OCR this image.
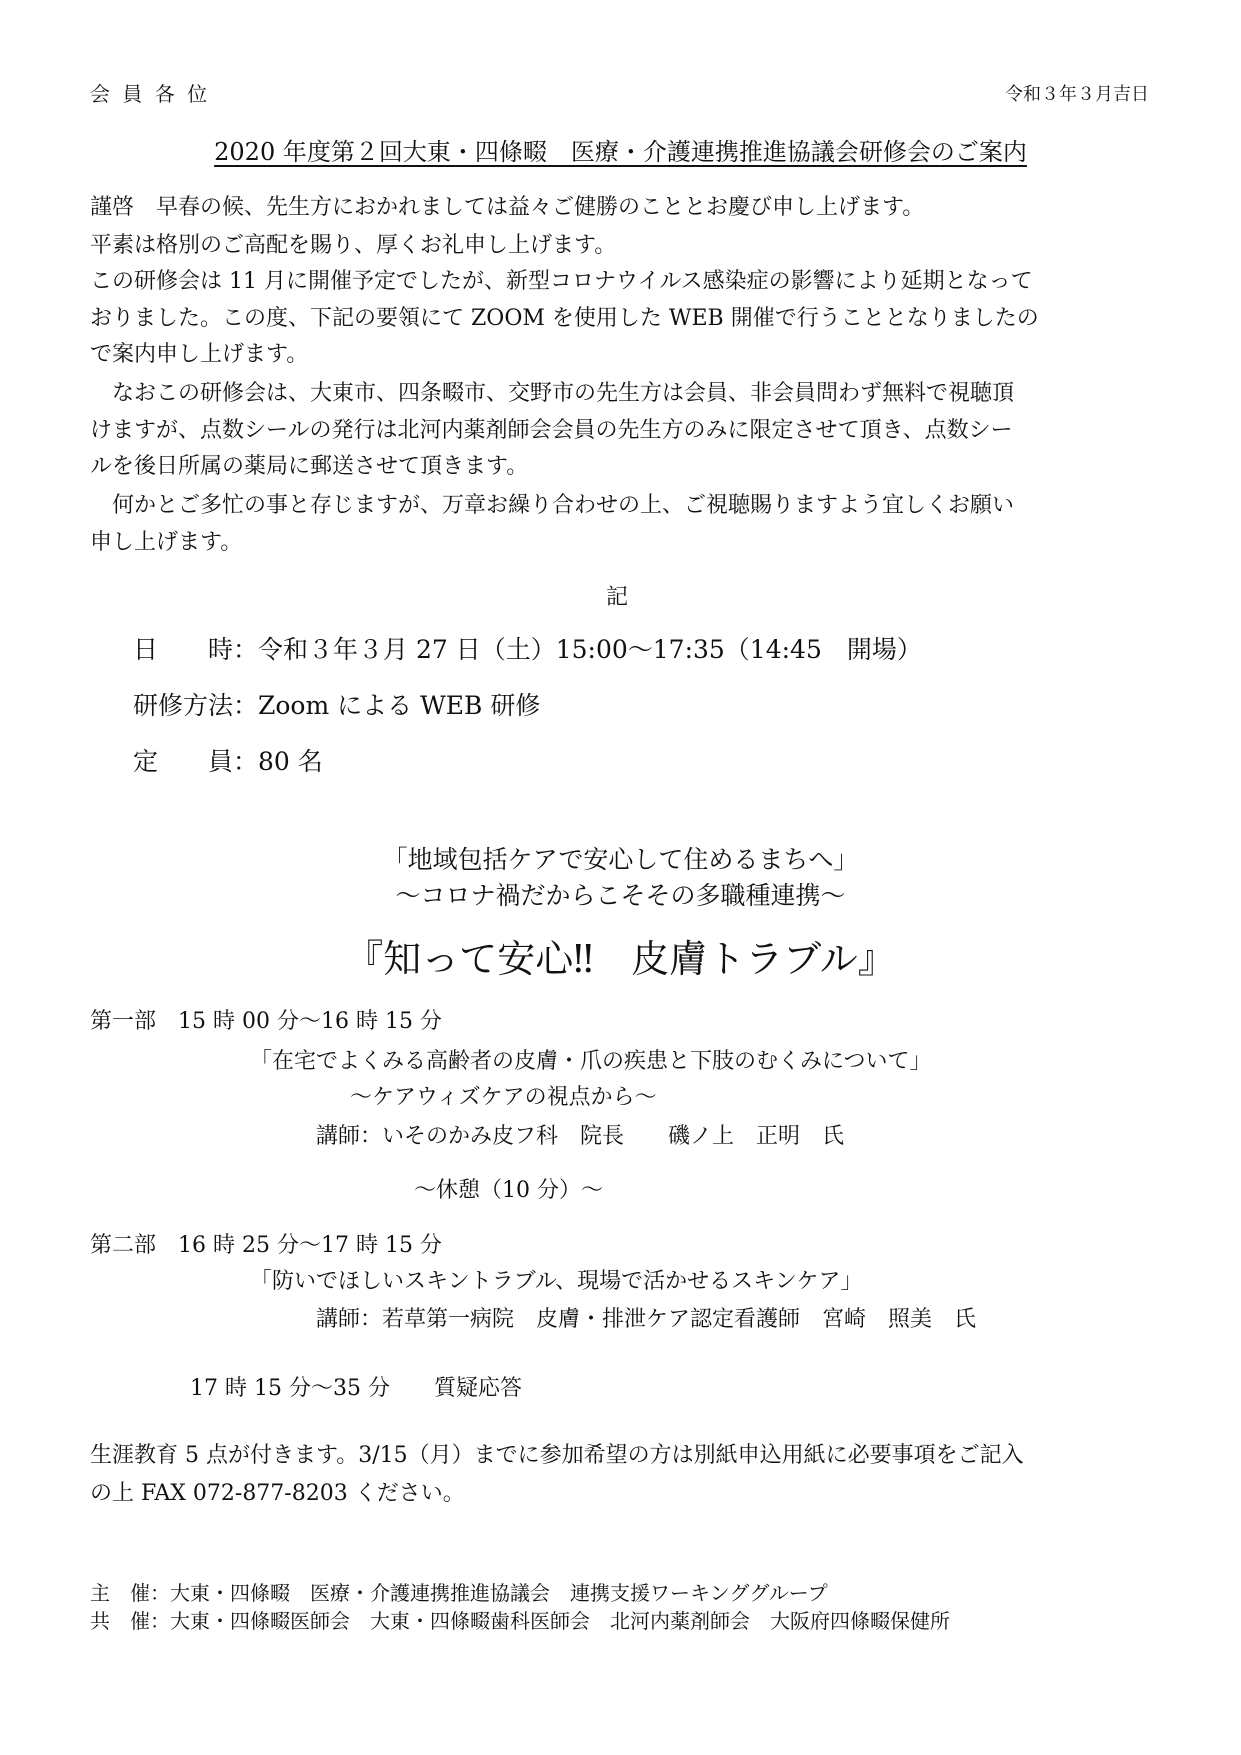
会 員 各 位	令和３年３月吉日
2020 年度第２回大東・四條畷　医療・介護連携推進協議会研修会のご案内
謹啓　早春の候、先生方におかれましては益々ご健勝のこととお慶び申し上げます。
平素は格別のご高配を賜り、厚くお礼申し上げます。
この研修会は 11 月に開催予定でしたが、新型コロナウイルス感染症の影響により延期となって
おりました。この度、下記の要領にて ZOOM を使用した WEB 開催で行うこととなりましたの
で案内申し上げます。
　なおこの研修会は、大東市、四条畷市、交野市の先生方は会員、非会員問わず無料で視聴頂
けますが、点数シールの発行は北河内薬剤師会会員の先生方のみに限定させて頂き、点数シー
ルを後日所属の薬局に郵送させて頂きます。
　何かとご多忙の事と存じますが、万章お繰り合わせの上、ご視聴賜りますよう宜しくお願い
申し上げます。
記
日　　時：令和３年３月 27 日（土）15:00～17:35（14:45　開場）
研修方法：Zoom による WEB 研修
定　　員：80 名
「地域包括ケアで安心して住めるまちへ」
～コロナ禍だからこそその多職種連携～
『知って安心‼　皮膚トラブル』
第一部　15 時 00 分～16 時 15 分
「在宅でよくみる高齢者の皮膚・爪の疾患と下肢のむくみについて」
～ケアウィズケアの視点から～
講師：いそのかみ皮フ科　院長　　磯ノ上　正明　氏
～休憩（10 分）～
第二部　16 時 25 分～17 時 15 分
「防いでほしいスキントラブル、現場で活かせるスキンケア」
講師：若草第一病院　皮膚・排泄ケア認定看護師　宮崎　照美　氏
17 時 15 分～35 分　　質疑応答
生涯教育 5 点が付きます。3/15（月）までに参加希望の方は別紙申込用紙に必要事項をご記入
の上 FAX 072-877-8203 ください。
主　催：大東・四條畷　医療・介護連携推進協議会　連携支援ワーキンググループ
共　催：大東・四條畷医師会　大東・四條畷歯科医師会　北河内薬剤師会　大阪府四條畷保健所
